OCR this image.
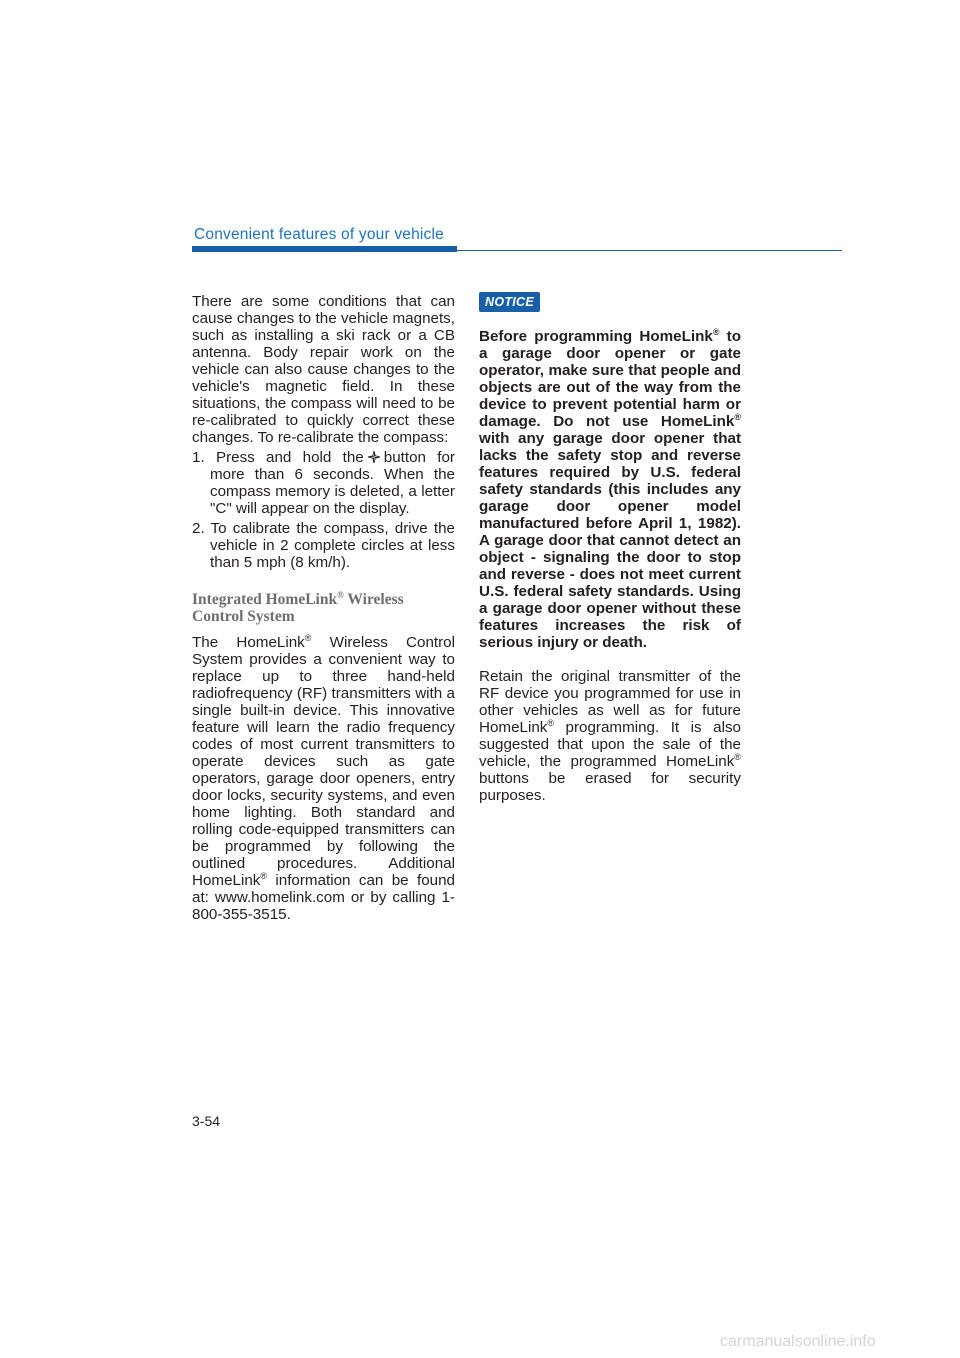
Convenient features of your vehicle

There are some conditions that can cause changes to the vehicle magnets, such as installing a ski rack or a CB antenna. Body repair work on the vehicle can also cause changes to the vehicle's magnetic field. In these situations, the compass will need to be re-calibrated to quickly correct these changes. To re-calibrate the compass:

1. Press and hold the button for more than 6 seconds. When the compass memory is deleted, a letter "C" will appear on the display.

2. To calibrate the compass, drive the vehicle in 2 complete circles at less than 5 mph (8 km/h).

Integrated HomeLink® Wireless Control System

The HomeLink® Wireless Control System provides a convenient way to replace up to three hand-held radiofrequency (RF) transmitters with a single built-in device. This innovative feature will learn the radio frequency codes of most current transmitters to operate devices such as gate operators, garage door openers, entry door locks, security systems, and even home lighting. Both standard and rolling code-equipped transmitters can be programmed by following the outlined procedures. Additional HomeLink® information can be found at: www.homelink.com or by calling 1-800-355-3515.

NOTICE

Before programming HomeLink® to a garage door opener or gate operator, make sure that people and objects are out of the way from the device to prevent potential harm or damage. Do not use HomeLink® with any garage door opener that lacks the safety stop and reverse features required by U.S. federal safety standards (this includes any garage door opener model manufactured before April 1, 1982). A garage door that cannot detect an object - signaling the door to stop and reverse - does not meet current U.S. federal safety standards. Using a garage door opener without these features increases the risk of serious injury or death.

Retain the original transmitter of the RF device you programmed for use in other vehicles as well as for future HomeLink® programming. It is also suggested that upon the sale of the vehicle, the programmed HomeLink® buttons be erased for security purposes.

3-54
carmanualsonline.info
